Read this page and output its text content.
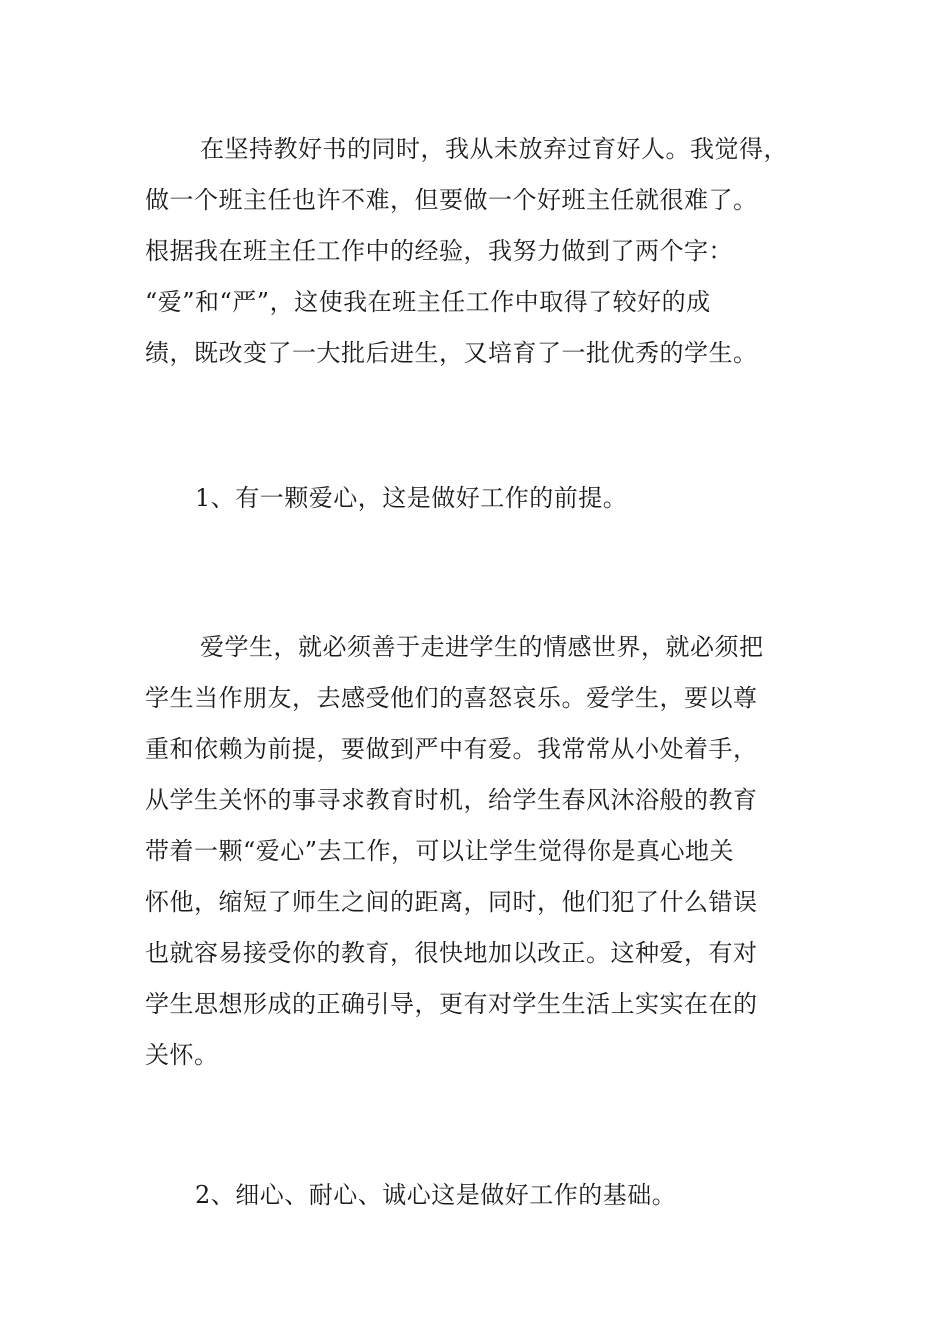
在坚持教好书的同时，我从未放弃过育好人。我觉得，
做一个班主任也许不难，但要做一个好班主任就很难了。
根据我在班主任工作中的经验，我努力做到了两个字：
“爱”和“严”，这使我在班主任工作中取得了较好的成
绩，既改变了一大批后进生，又培育了一批优秀的学生。

1、有一颗爱心，这是做好工作的前提。

爱学生，就必须善于走进学生的情感世界，就必须把
学生当作朋友，去感受他们的喜怒哀乐。爱学生，要以尊
重和依赖为前提，要做到严中有爱。我常常从小处着手，
从学生关怀的事寻求教育时机，给学生春风沐浴般的教育
带着一颗“爱心”去工作，可以让学生觉得你是真心地关
怀他，缩短了师生之间的距离，同时，他们犯了什么错误
也就容易接受你的教育，很快地加以改正。这种爱，有对
学生思想形成的正确引导，更有对学生生活上实实在在的
关怀。

2、细心、耐心、诚心这是做好工作的基础。
